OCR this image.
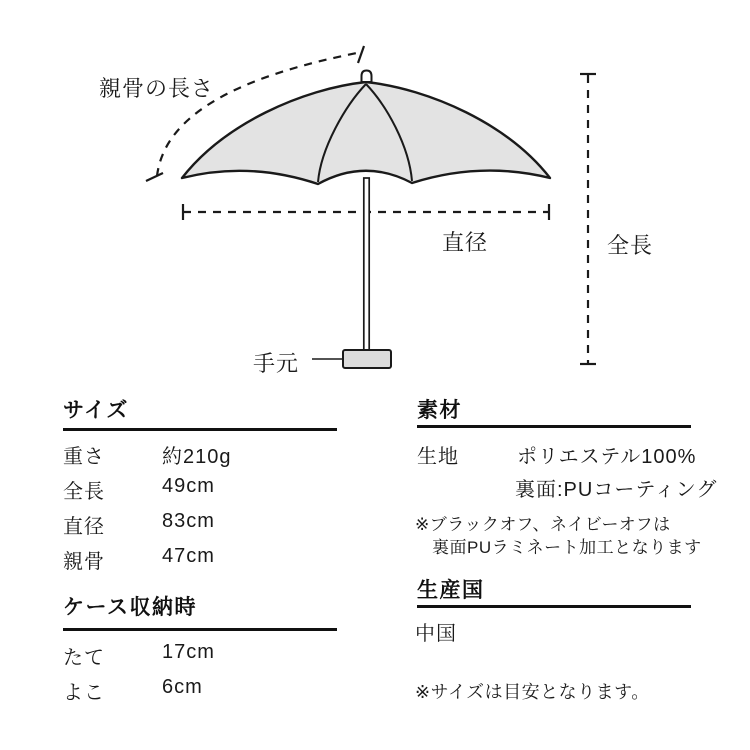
親骨の長さ
直径	全長
手元
サイズ
重さ	約210g
全長	49cm
直径	83cm
親骨	47cm
ケース収納時
たて	17cm
よこ	6cm
素材
生地	ポリエステル100%
裏面:PUコーティング
※ブラックオフ、ネイビーオフは
裏面PUラミネート加工となります
生産国
中国
※サイズは目安となります。
